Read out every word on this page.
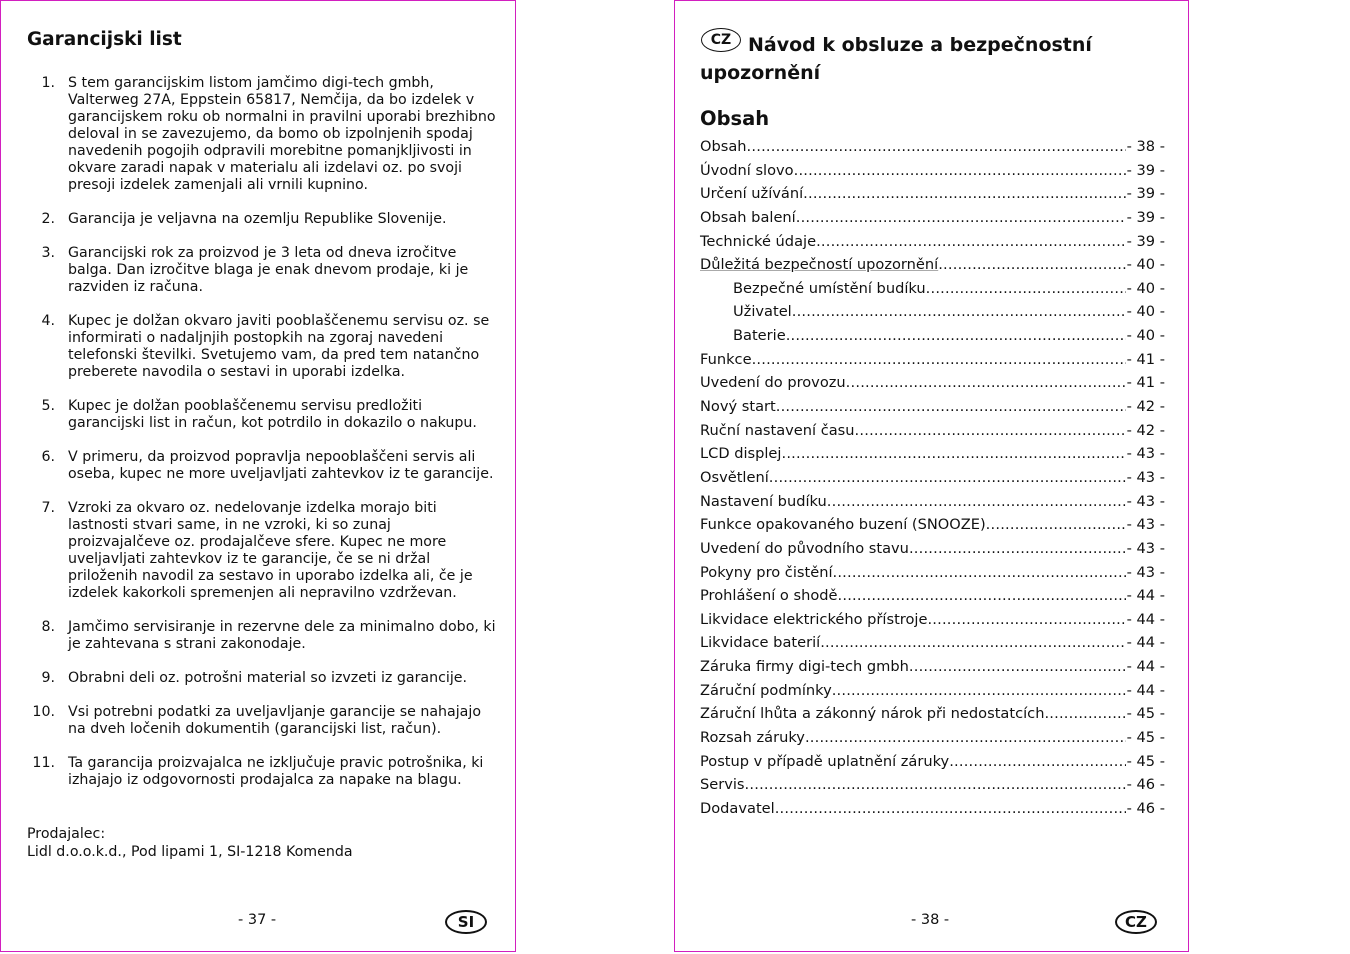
Garancijski list
1. S tem garancijskim listom jamčimo digi-tech gmbh, Valterweg 27A, Eppstein 65817, Nemčija, da bo izdelek v garancijskem roku ob normalni in pravilni uporabi brezhibno deloval in se zavezujemo, da bomo ob izpolnjenih spodaj navedenih pogojih odpravili morebitne pomanjkljivosti in okvare zaradi napak v materialu ali izdelavi oz. po svoji presoji izdelek zamenjali ali vrnili kupnino.
2. Garancija je veljavna na ozemlju Republike Slovenije.
3. Garancijski rok za proizvod je 3 leta od dneva izročitve balga. Dan izročitve blaga je enak dnevom prodaje, ki je razviden iz računa.
4. Kupec je dolžan okvaro javiti pooblaščenemu servisu oz. se informirati o nadaljnjih postopkih na zgoraj navedeni telefonski številki. Svetujemo vam, da pred tem natančno preberete navodila o sestavi in uporabi izdelka.
5. Kupec je dolžan pooblaščenemu servisu predložiti garancijski list in račun, kot potrdilo in dokazilo o nakupu.
6. V primeru, da proizvod popravlja nepooblaščeni servis ali oseba, kupec ne more uveljavljati zahtevkov iz te garancije.
7. Vzroki za okvaro oz. nedelovanje izdelka morajo biti lastnosti stvari same, in ne vzroki, ki so zunaj proizvajalčeve oz. prodajalčeve sfere. Kupec ne more uveljavljati zahtevkov iz te garancije, če se ni držal priloženih navodil za sestavo in uporabo izdelka ali, če je izdelek kakorkoli spremenjen ali nepravilno vzdrževan.
8. Jamčimo servisiranje in rezervne dele za minimalno dobo, ki je zahtevana s strani zakonodaje.
9. Obrabni deli oz. potrošni material so izvzeti iz garancije.
10. Vsi potrebni podatki za uveljavljanje garancije se nahajajo na dveh ločenih dokumentih (garancijski list, račun).
11. Ta garancija proizvajalca ne izključuje pravic potrošnika, ki izhajajo iz odgovornosti prodajalca za napake na blagu.
Prodajalec:
Lidl d.o.o.k.d., Pod lipami 1, SI-1218 Komenda
- 37 -	SI
CZ Návod k obsluze a bezpečnostní upozornění
Obsah
Obsah .....	- 38 -
Úvodní slovo .....	- 39 -
Určení užívání .....	- 39 -
Obsah balení .....	- 39 -
Technické údaje .....	- 39 -
Důležitá bezpečností upozornění .....	- 40 -
Bezpečné umístění budíku .....	- 40 -
Uživatel .....	- 40 -
Baterie .....	- 40 -
Funkce .....	- 41 -
Uvedení do provozu .....	- 41 -
Nový start .....	- 42 -
Ruční nastavení času .....	- 42 -
LCD displej .....	- 43 -
Osvětlení .....	- 43 -
Nastavení budíku .....	- 43 -
Funkce opakovaného buzení (SNOOZE) .....	- 43 -
Uvedení do původního stavu .....	- 43 -
Pokyny pro čistění .....	- 43 -
Prohlášení o shodě .....	- 44 -
Likvidace elektrického přístroje .....	- 44 -
Likvidace baterií .....	- 44 -
Záruka firmy digi-tech gmbh .....	- 44 -
Záruční podmínky .....	- 44 -
Záruční lhůta a zákonný nárok při nedostatcích .....	- 45 -
Rozsah záruky .....	- 45 -
Postup v případě uplatnění záruky .....	- 45 -
Servis .....	- 46 -
Dodavatel .....	- 46 -
- 38 -	CZ
